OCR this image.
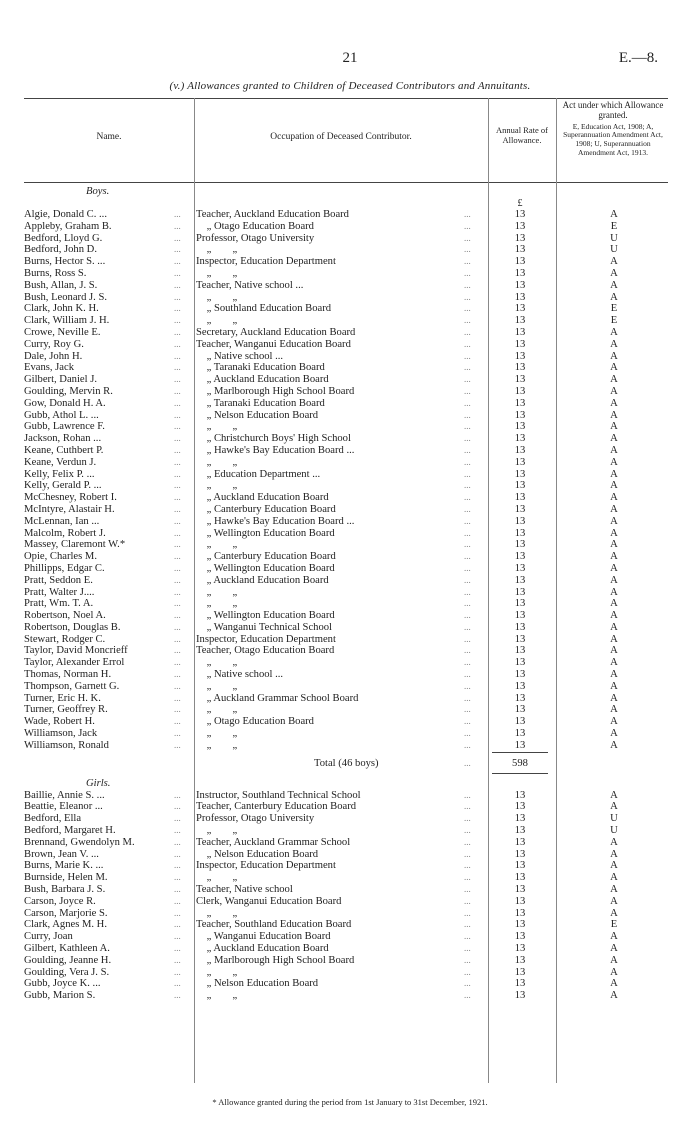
21	E.—8.
(v.) Allowances granted to Children of Deceased Contributors and Annuitants.
Name.	Occupation of Deceased Contributor.
Annual Rate of Allowance.
Act under which Allowance granted.
E, Education Act, 1908; A, Superannuation Amendment Act, 1908; U, Superannuation Amendment Act, 1913.
Boys.
£
Algie, Donald C. ...	Teacher, Auckland Education Board	13	A
...	...
Appleby, Graham B.	 „ Otago Education Board	13	E
...	...
Bedford, Lloyd G.	Professor, Otago University	13	U
...	...
Bedford, John D.	 „  „	13	U
...	...
Burns, Hector S. ...	Inspector, Education Department	13	A
...	...
Burns, Ross S.	 „  „	13	A
...	...
Bush, Allan, J. S.	Teacher, Native school ...	13	A
...	...
Bush, Leonard J. S.	 „  „	13	A
...	...
Clark, John K. H.	 „ Southland Education Board	13	E
...	...
Clark, William J. H.	 „  „	13	E
...	...
Crowe, Neville E.	Secretary, Auckland Education Board	13	A
...	...
Curry, Roy G.	Teacher, Wanganui Education Board	13	A
...	...
Dale, John H.	 „ Native school ...	13	A
...	...
Evans, Jack	 „ Taranaki Education Board	13	A
...	...
Gilbert, Daniel J.	 „ Auckland Education Board	13	A
...	...
Goulding, Mervin R.	 „ Marlborough High School Board	13	A
...	...
Gow, Donald H. A.	 „ Taranaki Education Board	13	A
...	...
Gubb, Athol L. ...	 „ Nelson Education Board	13	A
...	...
Gubb, Lawrence F.	 „  „	13	A
...	...
Jackson, Rohan ...	 „ Christchurch Boys' High School	13	A
...	...
Keane, Cuthbert P.	 „ Hawke's Bay Education Board ...	13	A
...	...
Keane, Verdun J.	 „  „	13	A
...	...
Kelly, Felix P. ...	 „ Education Department ...	13	A
...	...
Kelly, Gerald P. ...	 „  „	13	A
...	...
McChesney, Robert I.	 „ Auckland Education Board	13	A
...	...
McIntyre, Alastair H.	 „ Canterbury Education Board	13	A
...	...
McLennan, Ian ...	 „ Hawke's Bay Education Board ...	13	A
...	...
Malcolm, Robert J.	 „ Wellington Education Board	13	A
...	...
Massey, Claremont W.*	 „  „	13	A
...	...
Opie, Charles M.	 „ Canterbury Education Board	13	A
...	...
Phillipps, Edgar C.	 „ Wellington Education Board	13	A
...	...
Pratt, Seddon E.	 „ Auckland Education Board	13	A
...	...
Pratt, Walter J....	 „  „	13	A
...	...
Pratt, Wm. T. A.	 „  „	13	A
...	...
Robertson, Noel A.	 „ Wellington Education Board	13	A
...	...
Robertson, Douglas B.	 „ Wanganui Technical School	13	A
...	...
Stewart, Rodger C.	Inspector, Education Department	13	A
...	...
Taylor, David Moncrieff	Teacher, Otago Education Board	13	A
...	...
Taylor, Alexander Errol	 „  „	13	A
...	...
Thomas, Norman H.	 „ Native school ...	13	A
...	...
Thompson, Garnett G.	 „  „	13	A
...	...
Turner, Eric H. K.	 „ Auckland Grammar School Board	13	A
...	...
Turner, Geoffrey R.	 „  „	13	A
...	...
Wade, Robert H.	 „ Otago Education Board	13	A
...	...
Williamson, Jack	 „  „	13	A
...	...
Williamson, Ronald	 „  „	13	A
...	...
Total (46 boys)	...	598
Girls.
Baillie, Annie S. ...	Instructor, Southland Technical School	13	A
...	...
Beattie, Eleanor ...	Teacher, Canterbury Education Board	13	A
...	...
Bedford, Ella	Professor, Otago University	13	U
...	...
Bedford, Margaret H.	 „  „	13	U
...	...
Brennand, Gwendolyn M.	Teacher, Auckland Grammar School	13	A
...	...
Brown, Jean V. ...	 „ Nelson Education Board	13	A
...	...
Burns, Marie K. ...	Inspector, Education Department	13	A
...	...
Burnside, Helen M.	 „  „	13	A
...	...
Bush, Barbara J. S.	Teacher, Native school	13	A
...	...
Carson, Joyce R.	Clerk, Wanganui Education Board	13	A
...	...
Carson, Marjorie S.	 „  „	13	A
...	...
Clark, Agnes M. H.	Teacher, Southland Education Board	13	E
...	...
Curry, Joan	 „ Wanganui Education Board	13	A
...	...
Gilbert, Kathleen A.	 „ Auckland Education Board	13	A
...	...
Goulding, Jeanne H.	 „ Marlborough High School Board	13	A
...	...
Goulding, Vera J. S.	 „  „	13	A
...	...
Gubb, Joyce K. ...	 „ Nelson Education Board	13	A
...	...
Gubb, Marion S.	 „  „	13	A
...	...
* Allowance granted during the period from 1st January to 31st December, 1921.
